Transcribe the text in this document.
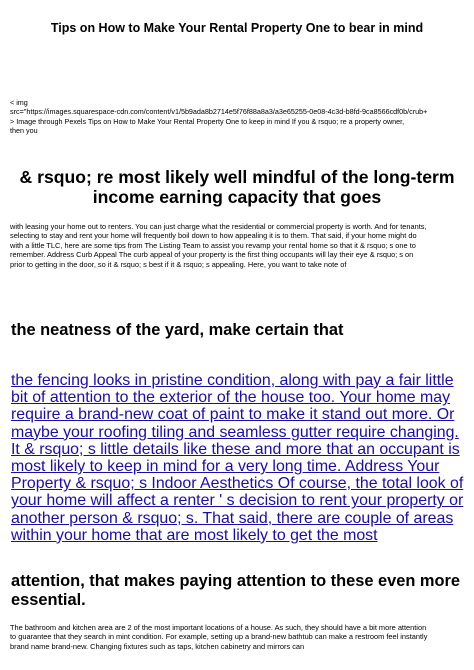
Tips on How to Make Your Rental Property One to bear in mind
< img
src="https://images.squarespace-cdn.com/content/v1/5b9ada8b2714e5f76f88a8a3/a3e65255-0e08-4c3d-b8fd-9ca8566cdf0b/crub+
> Image through Pexels Tips on How to Make Your Rental Property One to keep in mind If you & rsquo; re a property owner,
then you
& rsquo; re most likely well mindful of the long-term income earning capacity that goes
with leasing your home out to renters. You can just charge what the residential or commercial property is worth. And for tenants,
selecting to stay and rent your home will frequently boil down to how appealing it is to them. That said, if your home might do
with a little TLC, here are some tips from The Listing Team to assist you revamp your rental home so that it & rsquo; s one to
remember. Address Curb Appeal The curb appeal of your property is the first thing occupants will lay their eye & rsquo; s on
prior to getting in the door, so it & rsquo; s best if it & rsquo; s appealing. Here, you want to take note of
the neatness of the yard, make certain that
the fencing looks in pristine condition, along with pay a fair little
bit of attention to the exterior of the house too. Your home may
require a brand-new coat of paint to make it stand out more. Or
maybe your roofing tiling and seamless gutter require changing.
It & rsquo; s little details like these and more that an occupant is
most likely to keep in mind for a very long time. Address Your
Property & rsquo; s Indoor Aesthetics Of course, the total look of
your home will affect a renter ' s decision to rent your property or
another person & rsquo; s. That said, there are couple of areas
within your home that are most likely to get the most
attention, that makes paying attention to these even more essential.
The bathroom and kitchen area are 2 of the most important locations of a house. As such, they should have a bit more attention
to guarantee that they search in mint condition. For example, setting up a brand-new bathtub can make a restroom feel instantly
brand name brand-new. Changing fixtures such as taps, kitchen cabinetry and mirrors can
